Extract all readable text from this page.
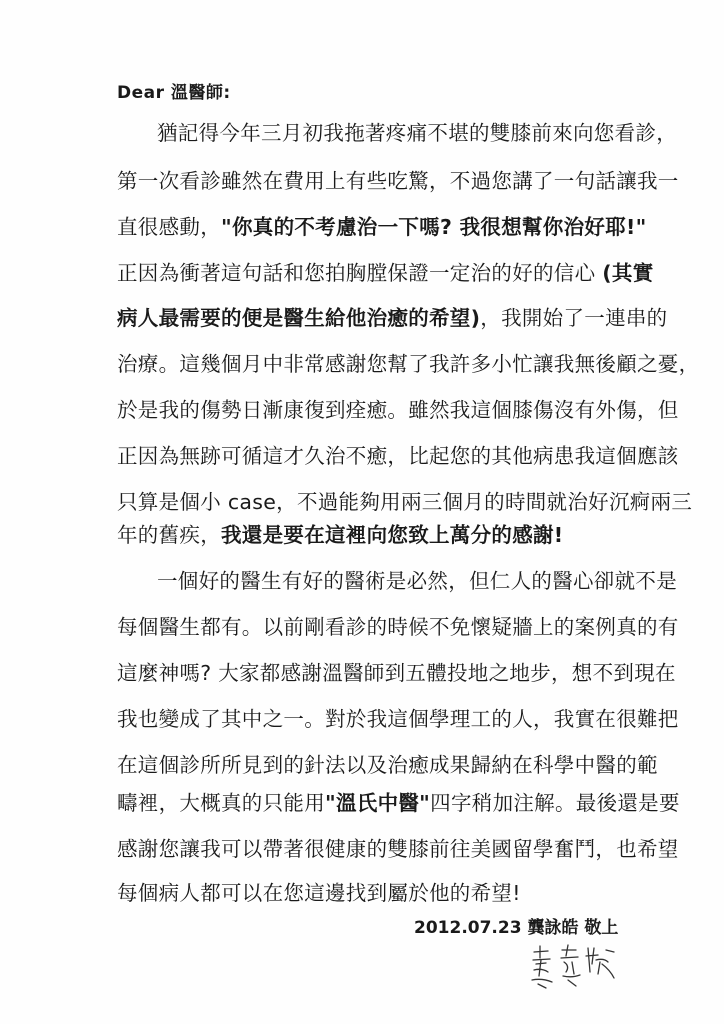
Dear 溫醫師:
猶記得今年三月初我拖著疼痛不堪的雙膝前來向您看診，
第一次看診雖然在費用上有些吃驚，不過您講了一句話讓我一
直很感動，"你真的不考慮治一下嗎? 我很想幫你治好耶!"
正因為衝著這句話和您拍胸膛保證一定治的好的信心 (其實
病人最需要的便是醫生給他治癒的希望)，我開始了一連串的
治療。這幾個月中非常感謝您幫了我許多小忙讓我無後顧之憂，
於是我的傷勢日漸康復到痊癒。雖然我這個膝傷沒有外傷，但
正因為無跡可循這才久治不癒，比起您的其他病患我這個應該
只算是個小 case，不過能夠用兩三個月的時間就治好沉痾兩三
年的舊疾，我還是要在這裡向您致上萬分的感謝!
一個好的醫生有好的醫術是必然，但仁人的醫心卻就不是
每個醫生都有。以前剛看診的時候不免懷疑牆上的案例真的有
這麼神嗎? 大家都感謝溫醫師到五體投地之地步，想不到現在
我也變成了其中之一。對於我這個學理工的人，我實在很難把
在這個診所所見到的針法以及治癒成果歸納在科學中醫的範
疇裡，大概真的只能用"溫氏中醫"四字稍加注解。最後還是要
感謝您讓我可以帶著很健康的雙膝前往美國留學奮鬥，也希望
每個病人都可以在您這邊找到屬於他的希望!
2012.07.23 龔詠皓 敬上
